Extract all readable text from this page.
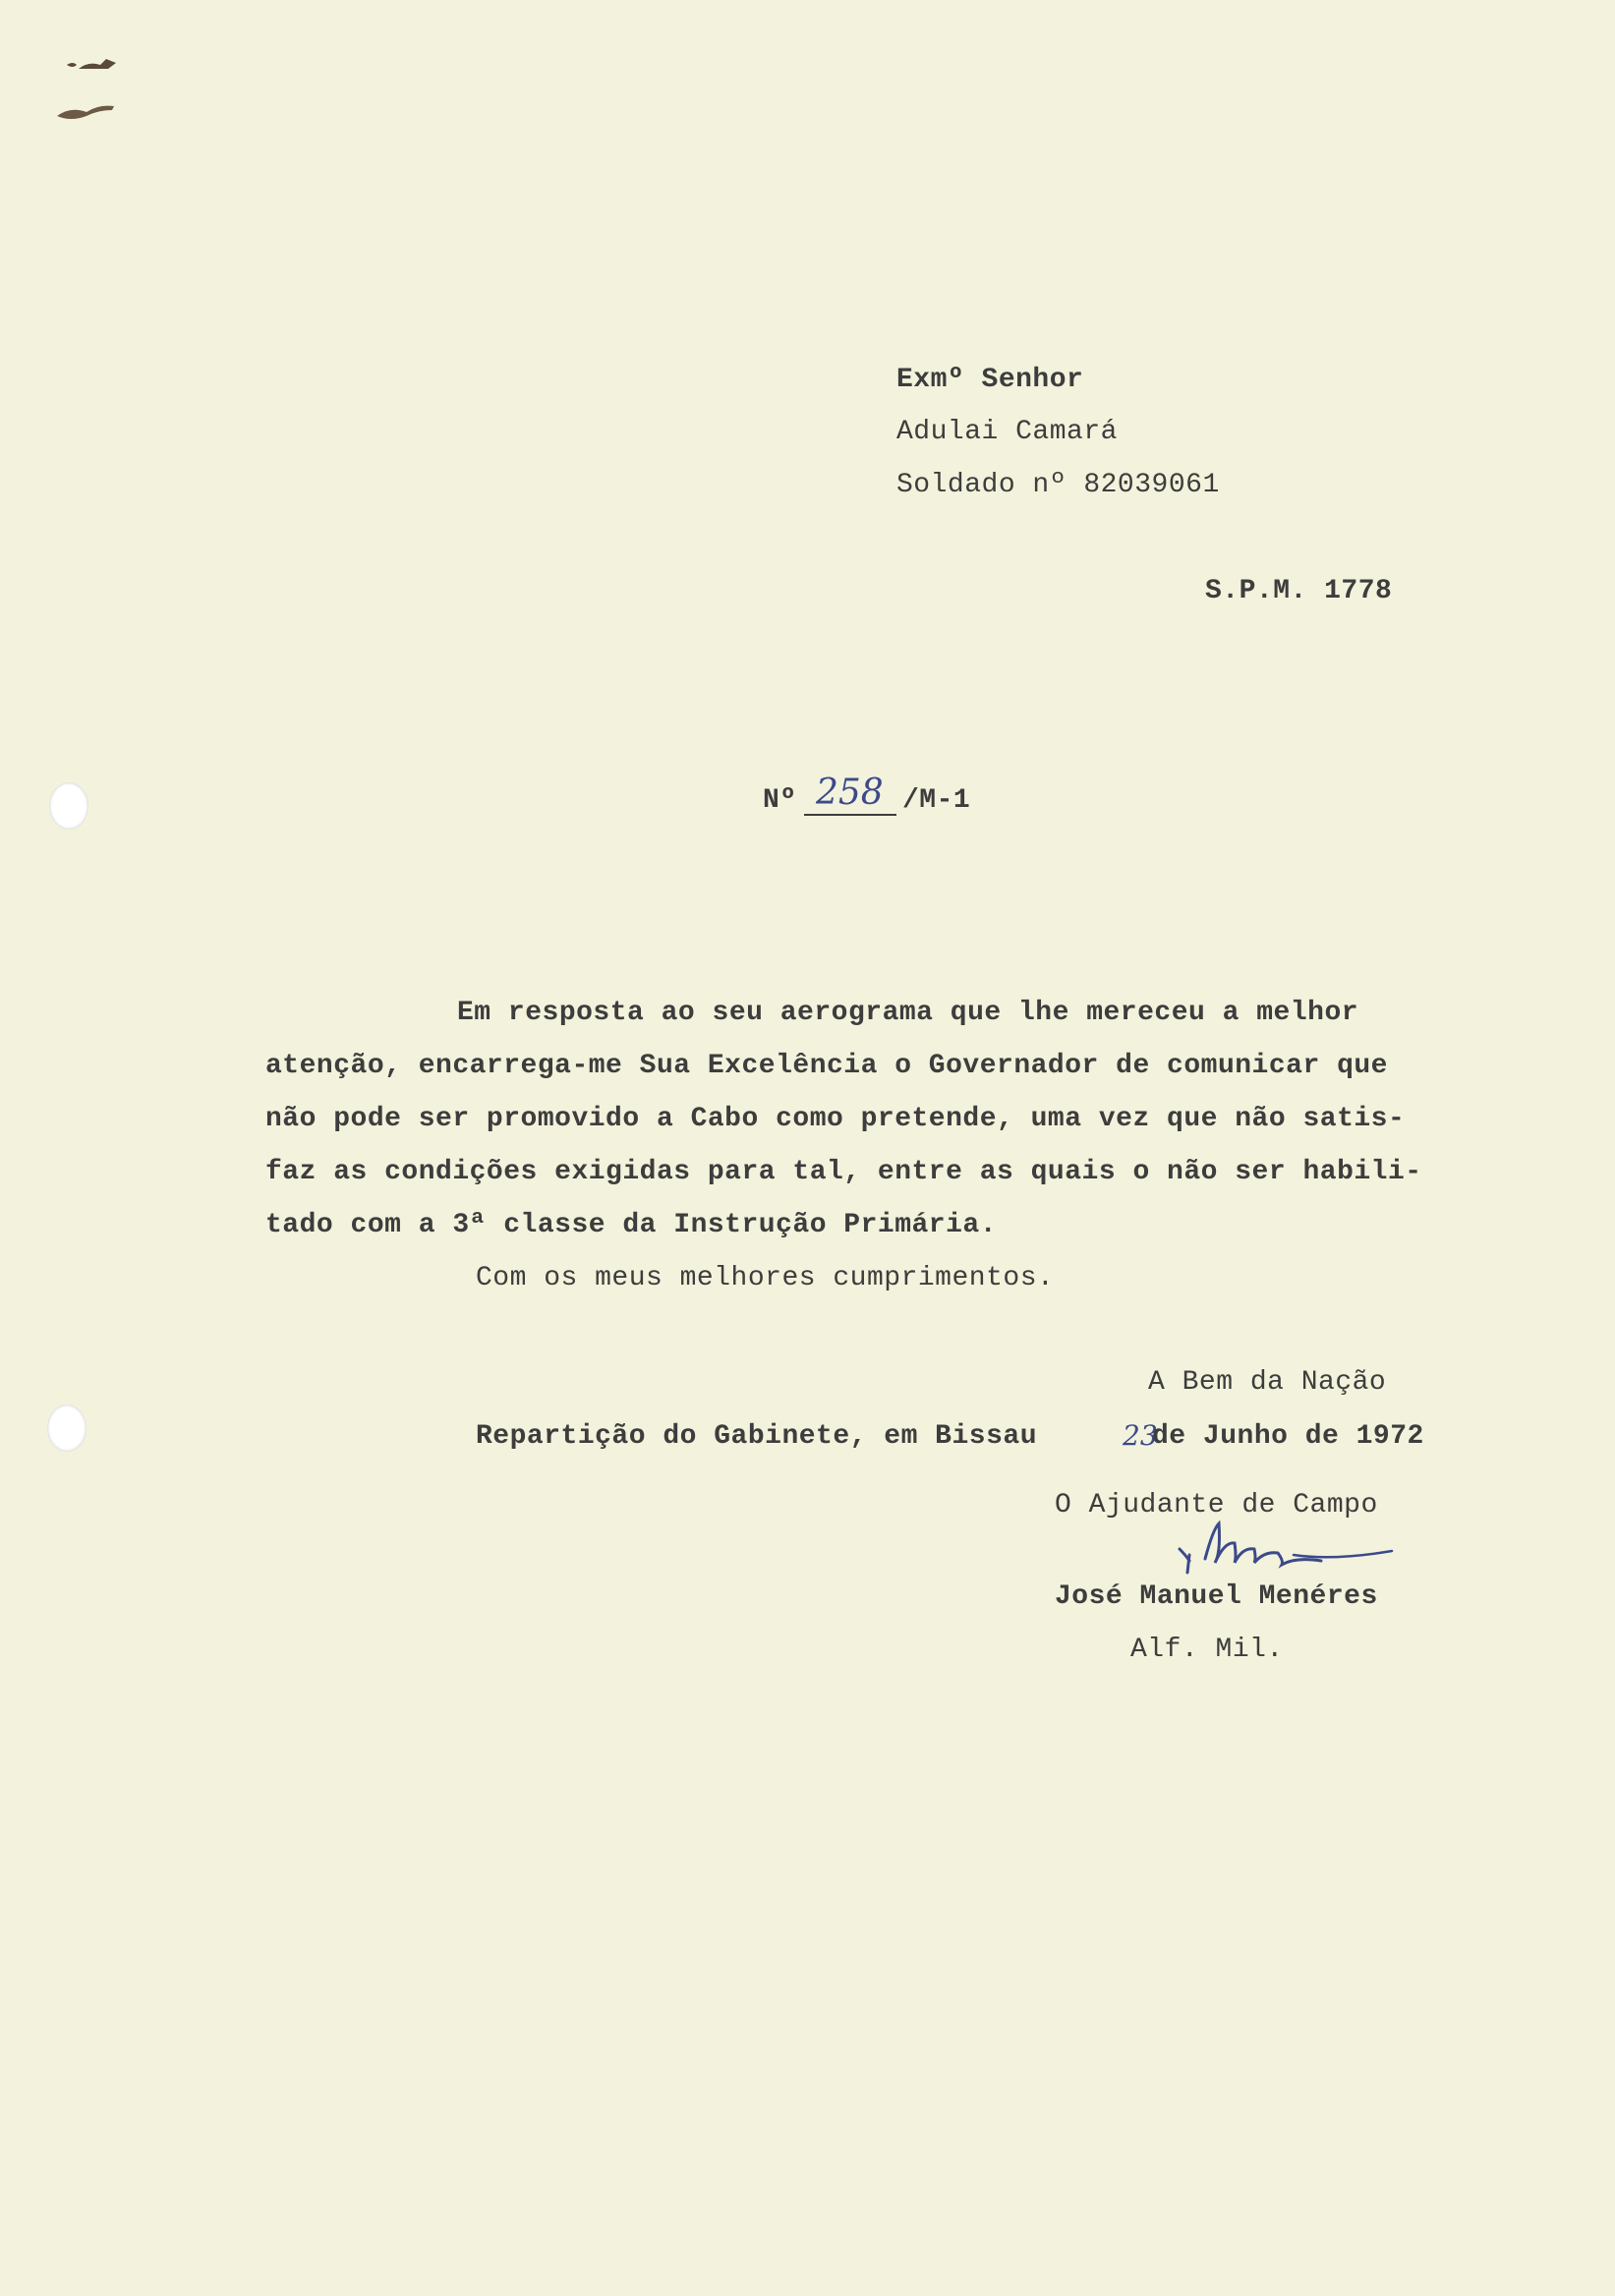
Exmº Senhor
Adulai Camará
Soldado nº 82039061
S.P.M. 1778
Nº 258 /M-1
Em resposta ao seu aerograma que lhe mereceu a melhor
atenção, encarrega-me Sua Excelência o Governador de comunicar que
não pode ser promovido a Cabo como pretende, uma vez que não satis-
faz as condições exigidas para tal, entre as quais o não ser habili-
tado com a 3ª classe da Instrução Primária.
Com os meus melhores cumprimentos.
A Bem da Nação
Repartição do Gabinete, em Bissau	23
de Junho de 1972
O Ajudante de Campo
José Manuel Menéres
Alf. Mil.
